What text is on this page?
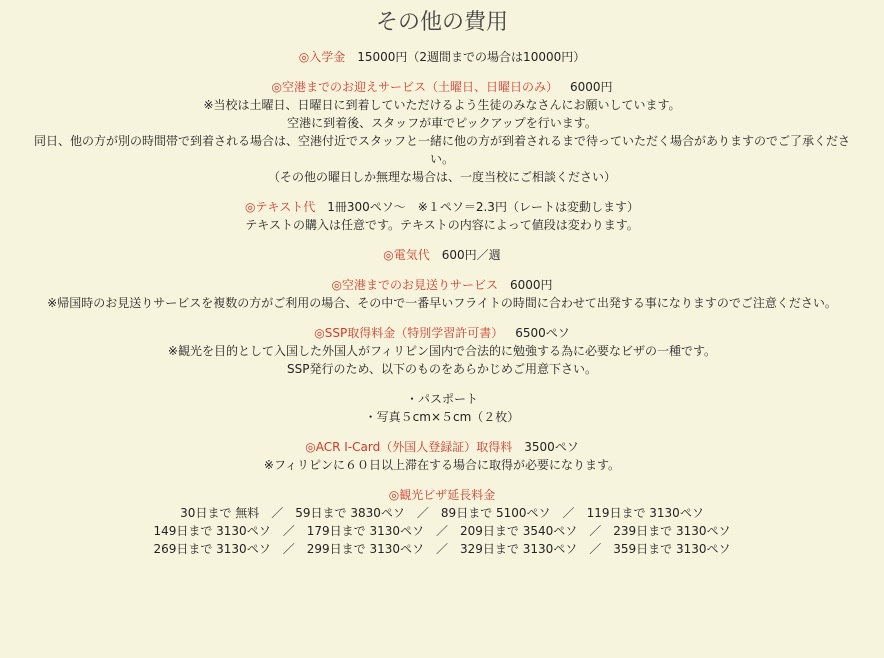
その他の費用

◎入学金 15000円（2週間までの場合は10000円）

◎空港までのお迎えサービス（土曜日、日曜日のみ） 6000円

※当校は土曜日、日曜日に到着していただけるよう生徒のみなさんにお願いしています。

空港に到着後、スタッフが車でピックアップを行います。

同日、他の方が別の時間帯で到着される場合は、空港付近でスタッフと一緒に他の方が到着されるまで待っていただく場合がありますのでご了承くださ

い。

（その他の曜日しか無理な場合は、一度当校にご相談ください）

◎テキスト代 1冊300ペソ～　※１ペソ＝2.3円（レートは変動します）

テキストの購入は任意です。テキストの内容によって値段は変わります。

◎電気代 600円／週

◎空港までのお見送りサービス 6000円

※帰国時のお見送りサービスを複数の方がご利用の場合、その中で一番早いフライトの時間に合わせて出発する事になりますのでご注意ください。

◎SSP取得料金（特別学習許可書） 6500ペソ

※観光を目的として入国した外国人がフィリピン国内で合法的に勉強する為に必要なビザの一種です。

SSP発行のため、以下のものをあらかじめご用意下さい。

・パスポート

・写真５cm×５cm（２枚）

◎ACR I-Card（外国人登録証）取得料 3500ペソ

※フィリピンに６０日以上滞在する場合に取得が必要になります。

◎観光ビザ延長料金

30日まで 無料 ／ 59日まで 3830ペソ ／ 89日まで 5100ペソ ／ 119日まで 3130ペソ

149日まで 3130ペソ ／ 179日まで 3130ペソ ／ 209日まで 3540ペソ ／ 239日まで 3130ペソ

269日まで 3130ペソ ／ 299日まで 3130ペソ ／ 329日まで 3130ペソ ／ 359日まで 3130ペソ
